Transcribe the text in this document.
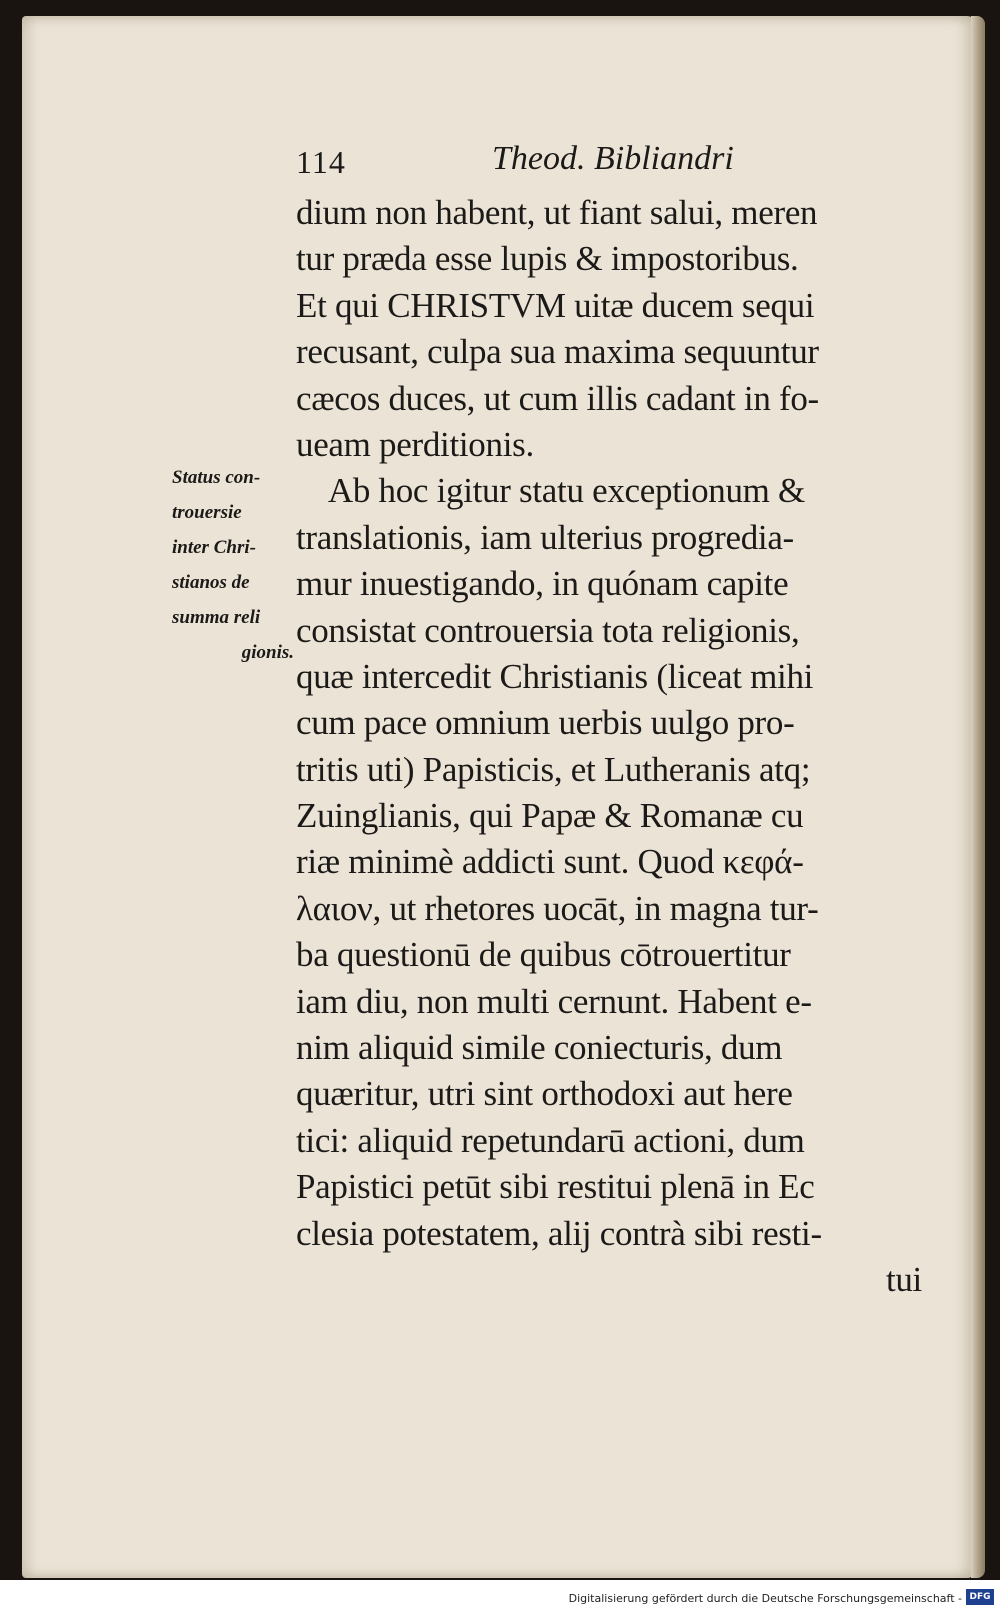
114	Theod. Bibliandri
Status con-
trouersie
inter Chri-
stianos de
summa reli
gionis.
dium non habent, ut fiant salui, meren
tur præda esse lupis & impostoribus.
Et qui CHRISTVM uitæ ducem sequi
recusant, culpa sua maxima sequuntur
cæcos duces, ut cum illis cadant in fo-
ueam perditionis.
Ab hoc igitur statu exceptionum &
translationis, iam ulterius progredia-
mur inuestigando, in quónam capite
consistat controuersia tota religionis,
quæ intercedit Christianis (liceat mihi
cum pace omnium uerbis uulgo pro-
tritis uti) Papisticis, et Lutheranis atq;
Zuinglianis, qui Papæ & Romanæ cu
riæ minimè addicti sunt. Quod κεφά-
λαιον, ut rhetores uocāt, in magna tur-
ba questionū de quibus cōtrouertitur
iam diu, non multi cernunt. Habent e-
nim aliquid simile coniecturis, dum
quæritur, utri sint orthodoxi aut here
tici: aliquid repetundarū actioni, dum
Papistici petūt sibi restitui plenā in Ec
clesia potestatem, alij contrà sibi resti-
tui
Digitalisierung gefördert durch die Deutsche Forschungsgemeinschaft - DFG
